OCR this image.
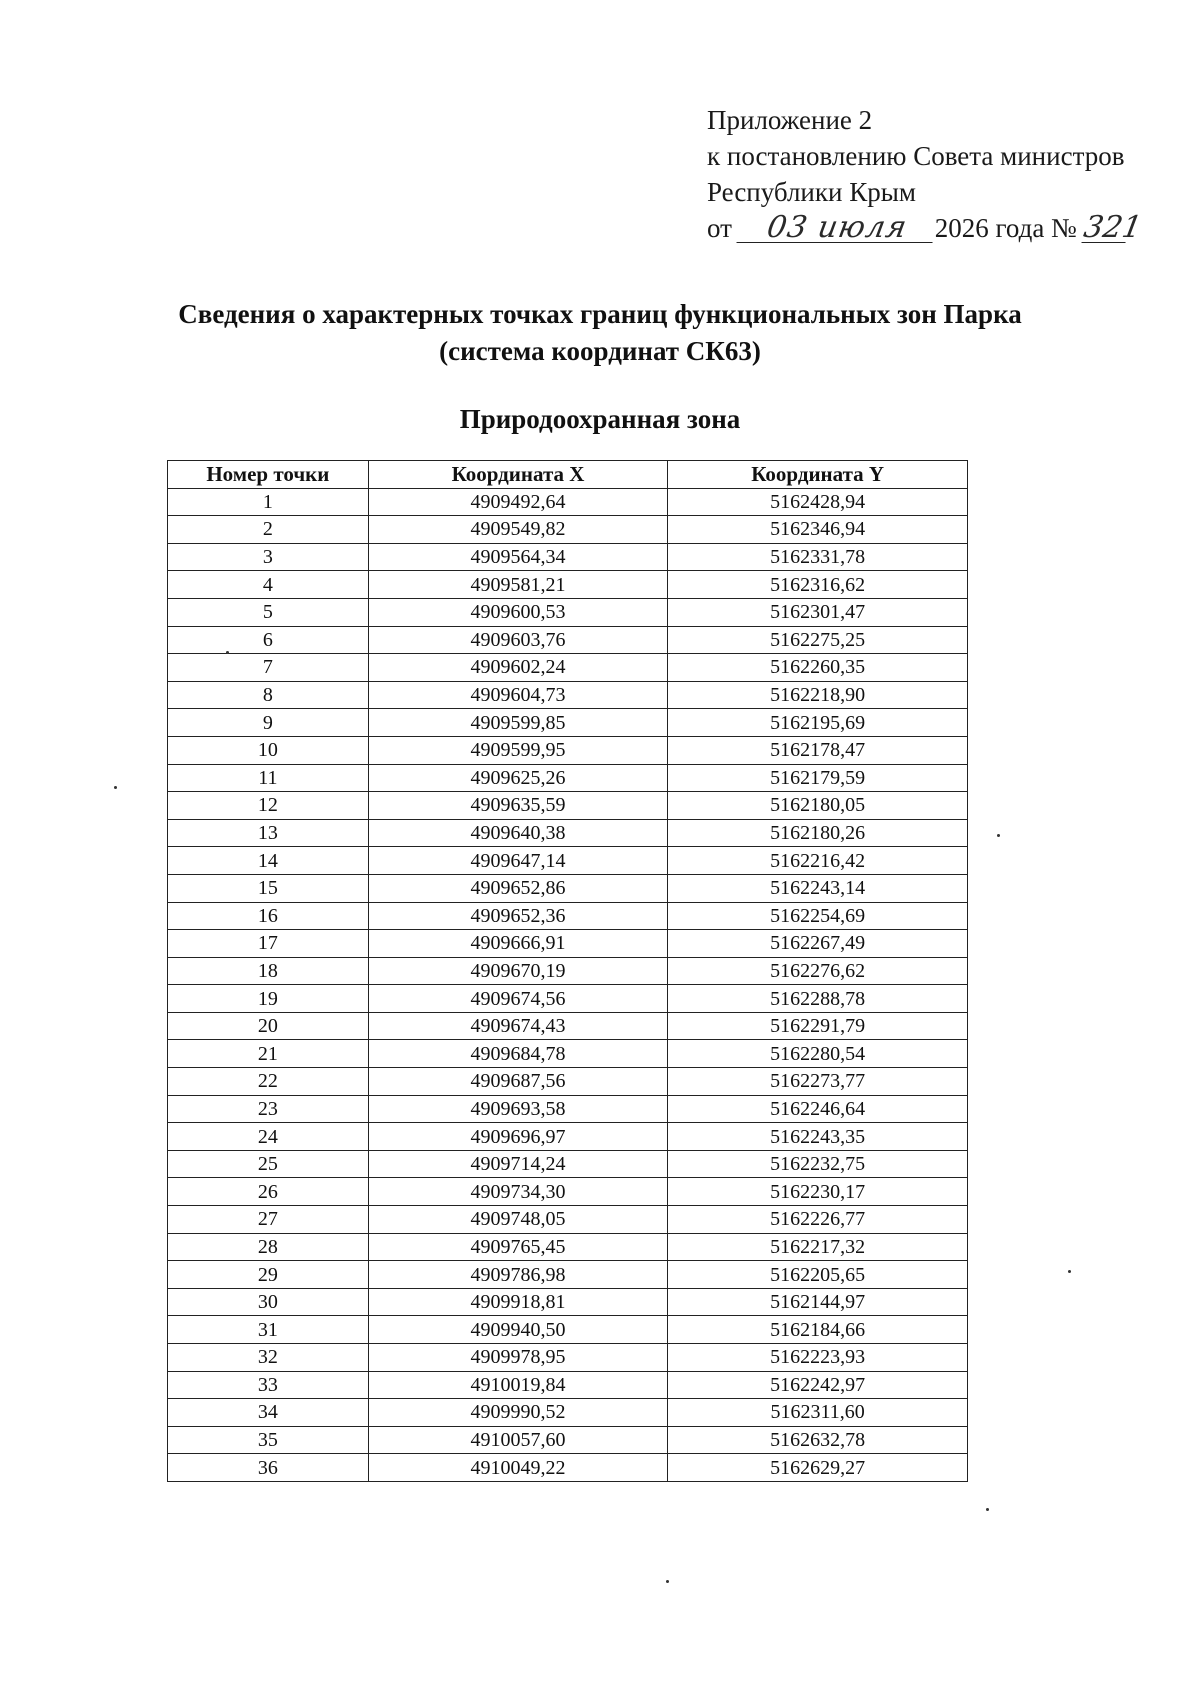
Приложение 2
к постановлению Совета министров
Республики Крым
от 03 июля 2026 года № 321
Сведения о характерных точках границ функциональных зон Парка
(система координат СК63)
Природоохранная зона
Номер точки	Координата X	Координата Y
1	4909492,64	5162428,94
2	4909549,82	5162346,94
3	4909564,34	5162331,78
4	4909581,21	5162316,62
5	4909600,53	5162301,47
6	4909603,76	5162275,25
7	4909602,24	5162260,35
8	4909604,73	5162218,90
9	4909599,85	5162195,69
10	4909599,95	5162178,47
11	4909625,26	5162179,59
12	4909635,59	5162180,05
13	4909640,38	5162180,26
14	4909647,14	5162216,42
15	4909652,86	5162243,14
16	4909652,36	5162254,69
17	4909666,91	5162267,49
18	4909670,19	5162276,62
19	4909674,56	5162288,78
20	4909674,43	5162291,79
21	4909684,78	5162280,54
22	4909687,56	5162273,77
23	4909693,58	5162246,64
24	4909696,97	5162243,35
25	4909714,24	5162232,75
26	4909734,30	5162230,17
27	4909748,05	5162226,77
28	4909765,45	5162217,32
29	4909786,98	5162205,65
30	4909918,81	5162144,97
31	4909940,50	5162184,66
32	4909978,95	5162223,93
33	4910019,84	5162242,97
34	4909990,52	5162311,60
35	4910057,60	5162632,78
36	4910049,22	5162629,27
